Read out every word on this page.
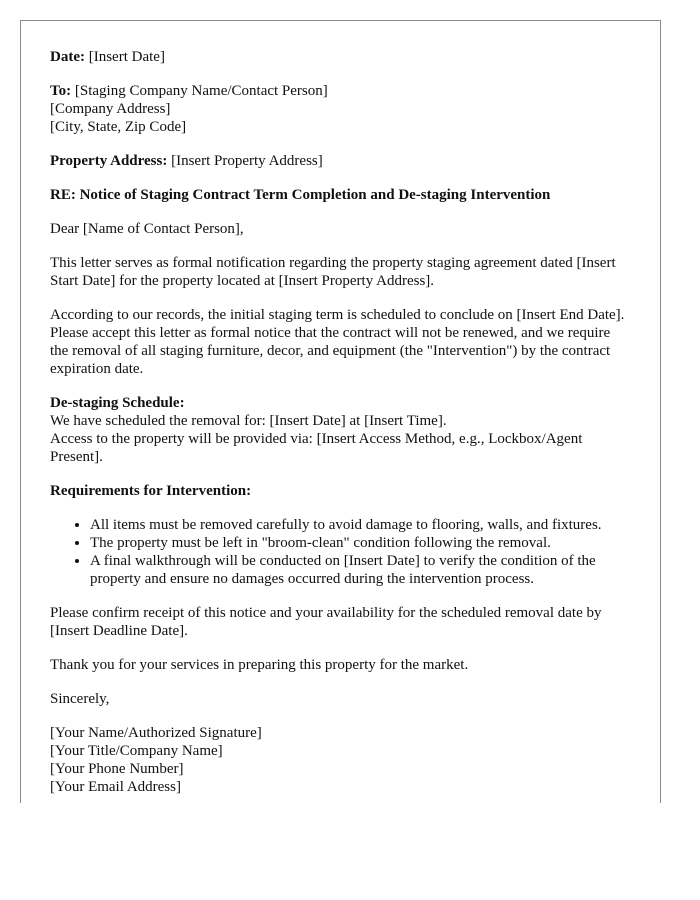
Date: [Insert Date]

To: [Staging Company Name/Contact Person]
[Company Address]
[City, State, Zip Code]

Property Address: [Insert Property Address]

RE: Notice of Staging Contract Term Completion and De-staging Intervention

Dear [Name of Contact Person],

This letter serves as formal notification regarding the property staging agreement dated [Insert Start Date] for the property located at [Insert Property Address].

According to our records, the initial staging term is scheduled to conclude on [Insert End Date]. Please accept this letter as formal notice that the contract will not be renewed, and we require the removal of all staging furniture, decor, and equipment (the "Intervention") by the contract expiration date.

De-staging Schedule:
We have scheduled the removal for: [Insert Date] at [Insert Time].
Access to the property will be provided via: [Insert Access Method, e.g., Lockbox/Agent Present].

Requirements for Intervention:

• All items must be removed carefully to avoid damage to flooring, walls, and fixtures.
• The property must be left in "broom-clean" condition following the removal.
• A final walkthrough will be conducted on [Insert Date] to verify the condition of the property and ensure no damages occurred during the intervention process.

Please confirm receipt of this notice and your availability for the scheduled removal date by [Insert Deadline Date].

Thank you for your services in preparing this property for the market.

Sincerely,

[Your Name/Authorized Signature]
[Your Title/Company Name]
[Your Phone Number]
[Your Email Address]
